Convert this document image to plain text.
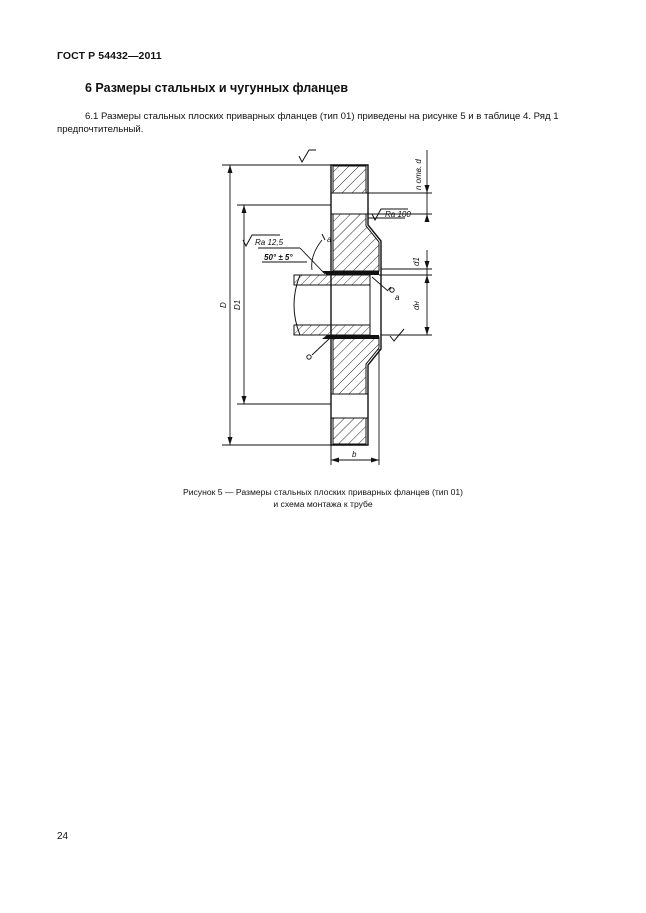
ГОСТ Р 54432—2011
6 Размеры стальных и чугунных фланцев
6.1 Размеры стальных плоских приварных фланцев (тип 01) приведены на рисунке 5 и в таблице 4. Ряд 1 предпочтительный.
n отв. d
Ra 100
Ra 12,5
50° ± 5°
D D1
d1
dн
b
a
a
Рисунок 5 — Размеры стальных плоских приварных фланцев (тип 01)
и схема монтажа к трубе
24
